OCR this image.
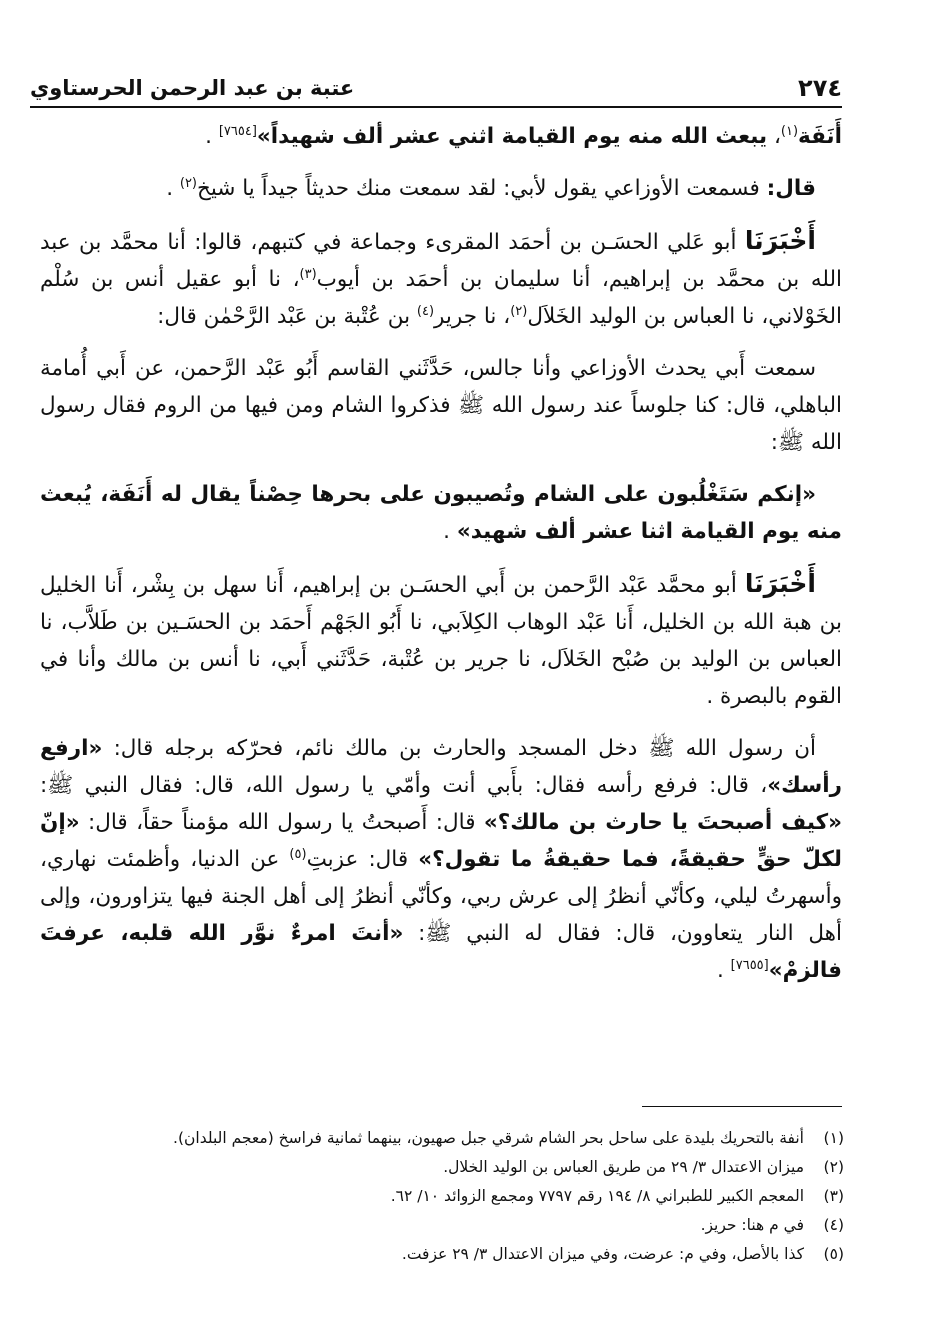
٢٧٤
عتبة بن عبد الرحمن الحرستاوي

أَنَفَة$^{(١)}$، يبعث الله منه يوم القيامة اثني عشر ألف شهيداً»[٧٦٥٤] .

قال: فسمعت الأوزاعي يقول لأبي: لقد سمعت منك حديثاً جيداً يا شيخ$^{(٢)}$ .

أَخْبَرَنَا أبو عَلي الحسَـن بن أحمَد المقرىء وجماعة في كتبهم، قالوا: أنا محمَّد بن عبد الله بن محمَّد بن إبراهيم، أنا سليمان بن أحمَد بن أيوب$^{(٣)}$، نا أبو عقيل أنس بن سُلْم الخَوْلاني، نا العباس بن الوليد الخَلاَل$^{(٢)}$، نا جرير$^{(٤)}$ بن عُتْبة بن عَبْد الرَّحْمٰن قال:

سمعت أَبي يحدث الأوزاعي وأنا جالس، حَدَّثَني القاسم أَبُو عَبْد الرَّحمن، عن أَبي أُمامة الباهلي، قال: كنا جلوساً عند رسول الله ﷺ فذكروا الشام ومن فيها من الروم فقال رسول الله ﷺ:

«إنكم سَتَغْلُبون على الشام وتُصيبون على بحرها حِصْناً يقال له أَنَفَة، يُبعث منه يوم القيامة اثنا عشر ألف شهيد» .

أَخْبَرَنَا أبو محمَّد عَبْد الرَّحمن بن أَبي الحسَـن بن إبراهيم، أَنا سهل بن بِشْر، أَنا الخليل بن هبة الله بن الخليل، أَنا عَبْد الوهاب الكِلاَبي، نا أَبُو الجَهْم أَحمَد بن الحسَـين بن طَلاَّب، نا العباس بن الوليد بن صُبْح الخَلاَل، نا جرير بن عُتْبة، حَدَّثَني أَبي، نا أنس بن مالك وأنا في القوم بالبصرة .

أن رسول الله ﷺ دخل المسجد والحارث بن مالك نائم، فحرّكه برجله قال: «ارفع رأسك»، قال: فرفع رأسه فقال: بأَبي أنت وأمّي يا رسول الله، قال: فقال النبي ﷺ: «كيف أصبحتَ يا حارث بن مالك؟» قال: أَصبحتُ يا رسول الله مؤمناً حقاً، قال: «إنّ لكلّ حقٍّ حقيقةً، فما حقيقةُ ما تقول؟» قال: عزبتِ$^{(٥)}$ عن الدنيا، وأظمئت نهاري، وأسهرتُ ليلي، وكأنّي أنظرُ إلى عرش ربي، وكأنّي أنظرُ إلى أهل الجنة فيها يتزاورون، وإلى أهل النار يتعاوون، قال: فقال له النبي ﷺ: «أنتَ امرءٌ نوَّر الله قلبه، عرفتَ فالزمْ»[٧٦٥٥] .

(١)
أنفة بالتحريك بليدة على ساحل بحر الشام شرقي جبل صهيون، بينهما ثمانية فراسخ (معجم البلدان).
(٢)
ميزان الاعتدال ٣/ ٢٩ من طريق العباس بن الوليد الخلال.
(٣)
المعجم الكبير للطبراني ٨/ ١٩٤ رقم ٧٧٩٧ ومجمع الزوائد ١٠/ ٦٢.
(٤)
في م هنا: حريز.
(٥)
كذا بالأصل، وفي م: عرضت، وفي ميزان الاعتدال ٣/ ٢٩ عزفت.
